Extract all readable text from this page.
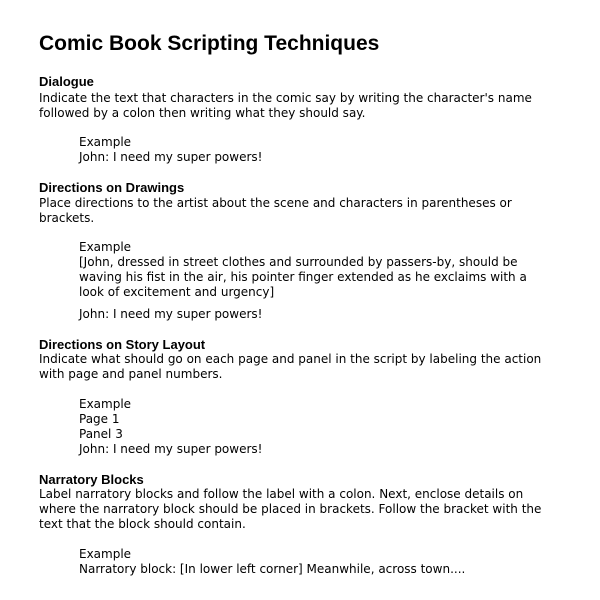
Comic Book Scripting Techniques
Dialogue
Indicate the text that characters in the comic say by writing the character's name
followed by a colon then writing what they should say.
Example
John: I need my super powers!
Directions on Drawings
Place directions to the artist about the scene and characters in parentheses or
brackets.
Example
[John, dressed in street clothes and surrounded by passers-by, should be
waving his fist in the air, his pointer finger extended as he exclaims with a
look of excitement and urgency]
John: I need my super powers!
Directions on Story Layout
Indicate what should go on each page and panel in the script by labeling the action
with page and panel numbers.
Example
Page 1
Panel 3
John: I need my super powers!
Narratory Blocks
Label narratory blocks and follow the label with a colon. Next, enclose details on
where the narratory block should be placed in brackets. Follow the bracket with the
text that the block should contain.
Example
Narratory block: [In lower left corner] Meanwhile, across town....
